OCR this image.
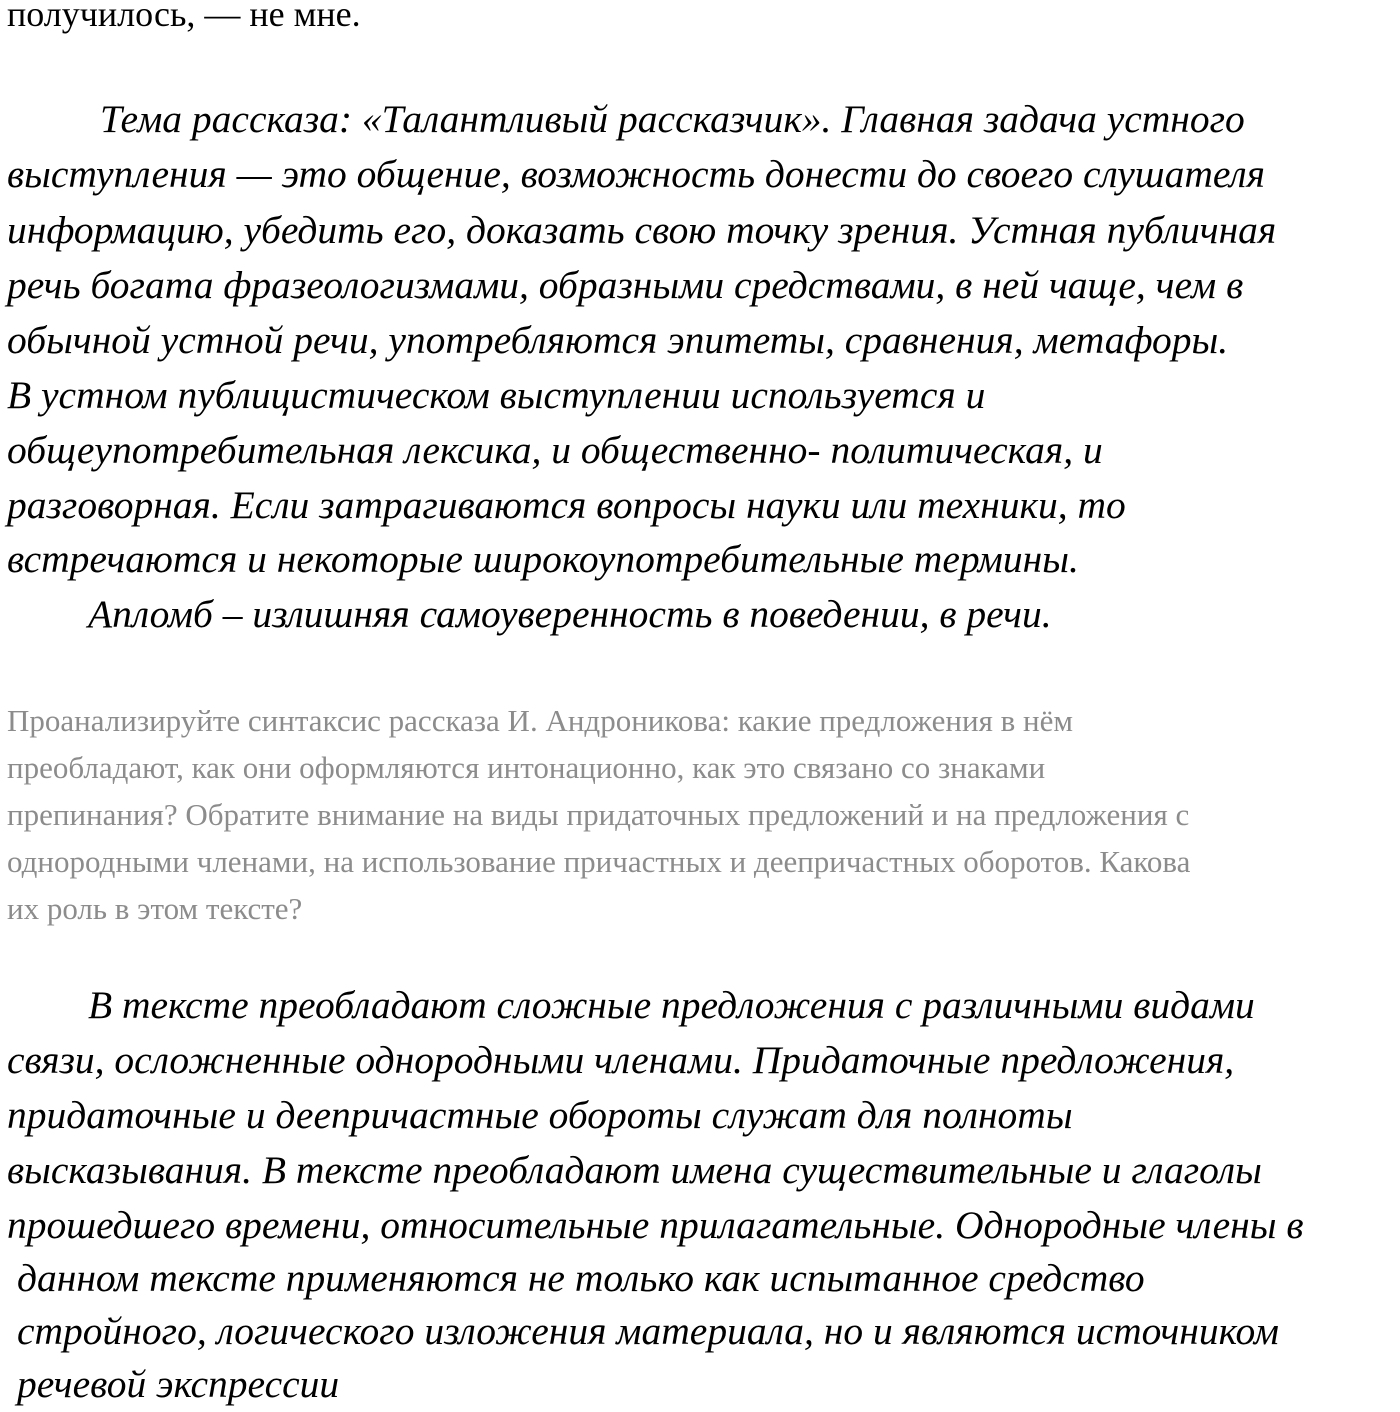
получилось, — не мне.

Тема рассказа: «Талантливый рассказчик». Главная задача устного

выступления — это общение, возможность донести до своего слушателя

информацию, убедить его, доказать свою точку зрения. Устная публичная

речь богата фразеологизмами, образными средствами, в ней чаще, чем в

обычной устной речи, употребляются эпитеты, сравнения, метафоры.

В устном публицистическом выступлении используется и

общеупотребительная лексика, и общественно- политическая, и

разговорная. Если затрагиваются вопросы науки или техники, то

встречаются и некоторые широкоупотребительные термины.

Апломб – излишняя самоуверенность в поведении, в речи.

Проанализируйте синтаксис рассказа И. Андроникова: какие предложения в нём

преобладают, как они оформляются интонационно, как это связано со знаками

препинания? Обратите внимание на виды придаточных предложений и на предложения с

однородными членами, на использование причастных и деепричастных оборотов. Какова

их роль в этом тексте?

В тексте преобладают сложные предложения с различными видами

связи, осложненные однородными членами. Придаточные предложения,

придаточные и деепричастные обороты служат для полноты

высказывания. В тексте преобладают имена существительные и глаголы

прошедшего времени, относительные прилагательные. Однородные члены в

данном тексте применяются не только как испытанное средство

стройного, логического изложения материала, но и являются источником

речевой экспрессии
